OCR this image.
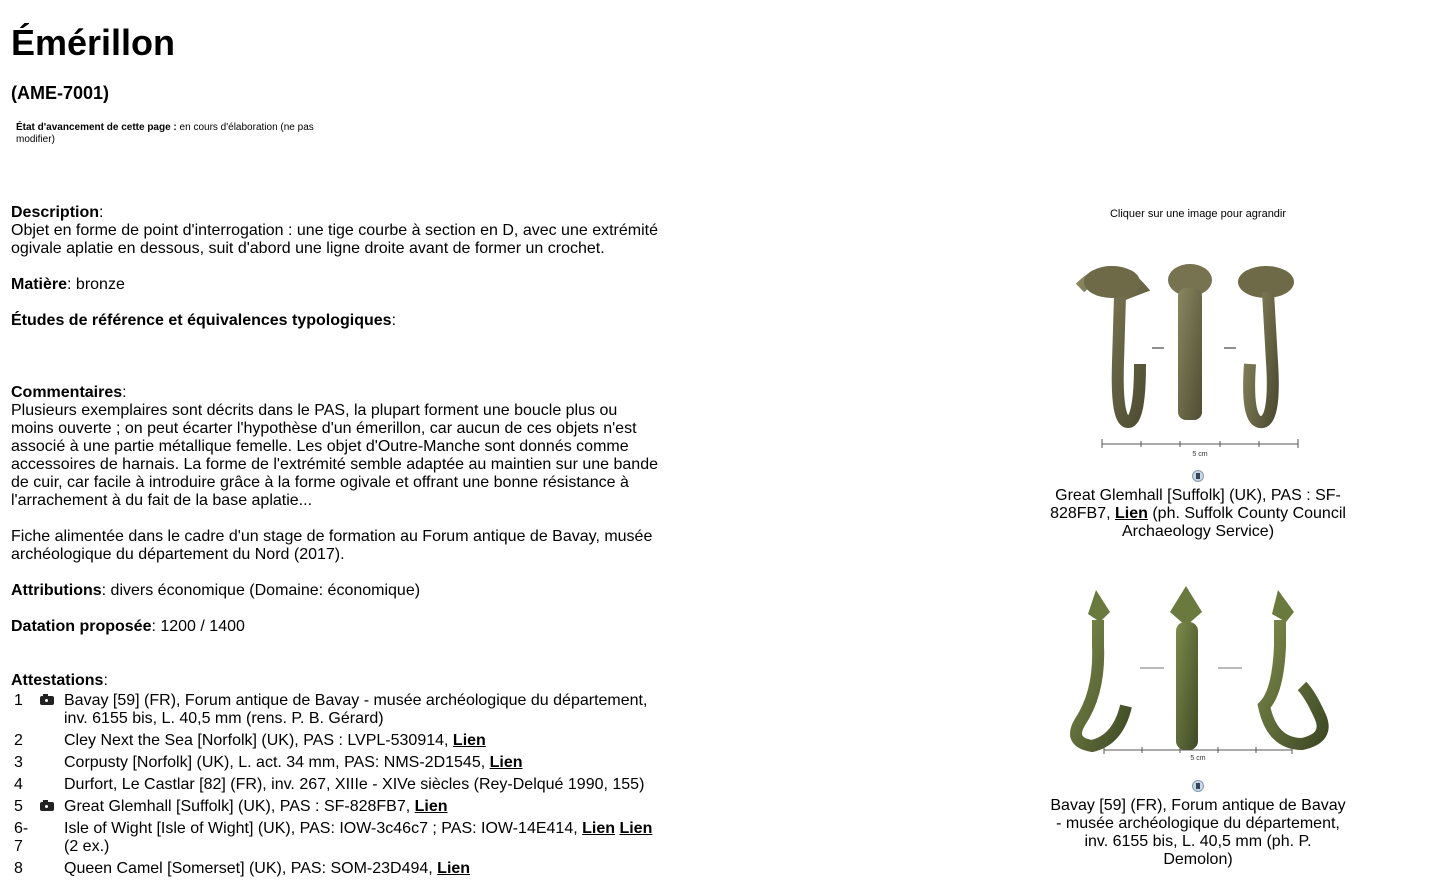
Émérillon
(AME-7001)
État d'avancement de cette page : en cours d'élaboration (ne pas modifier)

Description:
Objet en forme de point d'interrogation : une tige courbe à section en D, avec une extrémité ogivale aplatie en dessous, suit d'abord une ligne droite avant de former un crochet.

Matière: bronze

Études de référence et équivalences typologiques:

Commentaires:
Plusieurs exemplaires sont décrits dans le PAS, la plupart forment une boucle plus ou moins ouverte ; on peut écarter l'hypothèse d'un émerillon, car aucun de ces objets n'est associé à une partie métallique femelle. Les objet d'Outre-Manche sont donnés comme accessoires de harnais. La forme de l'extrémité semble adaptée au maintien sur une bande de cuir, car facile à introduire grâce à la forme ogivale et offrant une bonne résistance à l'arrachement à du fait de la base aplatie...

Fiche alimentée dans le cadre d'un stage de formation au Forum antique de Bavay, musée archéologique du département du Nord (2017).

Attributions: divers économique (Domaine: économique)

Datation proposée: 1200 / 1400

Attestations:
1		Bavay [59] (FR), Forum antique de Bavay - musée archéologique du département, inv. 6155 bis, L. 40,5 mm (rens. P. B. Gérard)
2		Cley Next the Sea [Norfolk] (UK), PAS : LVPL-530914, Lien
3		Corpusty [Norfolk] (UK), L. act. 34 mm, PAS: NMS-2D1545, Lien
4		Durfort, Le Castlar [82] (FR), inv. 267, XIIIe - XIVe siècles (Rey-Delqué 1990, 155)
5		Great Glemhall [Suffolk] (UK), PAS : SF-828FB7, Lien
6-7		Isle of Wight [Isle of Wight] (UK), PAS: IOW-3c46c7 ; PAS: IOW-14E414, Lien Lien (2 ex.)
8		Queen Camel [Somerset] (UK), PAS: SOM-23D494, Lien
Cliquer sur une image pour agrandir
5 cm
Great Glemhall [Suffolk] (UK), PAS : SF-828FB7, Lien (ph. Suffolk County Council Archaeology Service)
5 cm
Bavay [59] (FR), Forum antique de Bavay - musée archéologique du département, inv. 6155 bis, L. 40,5 mm (ph. P. Demolon)
